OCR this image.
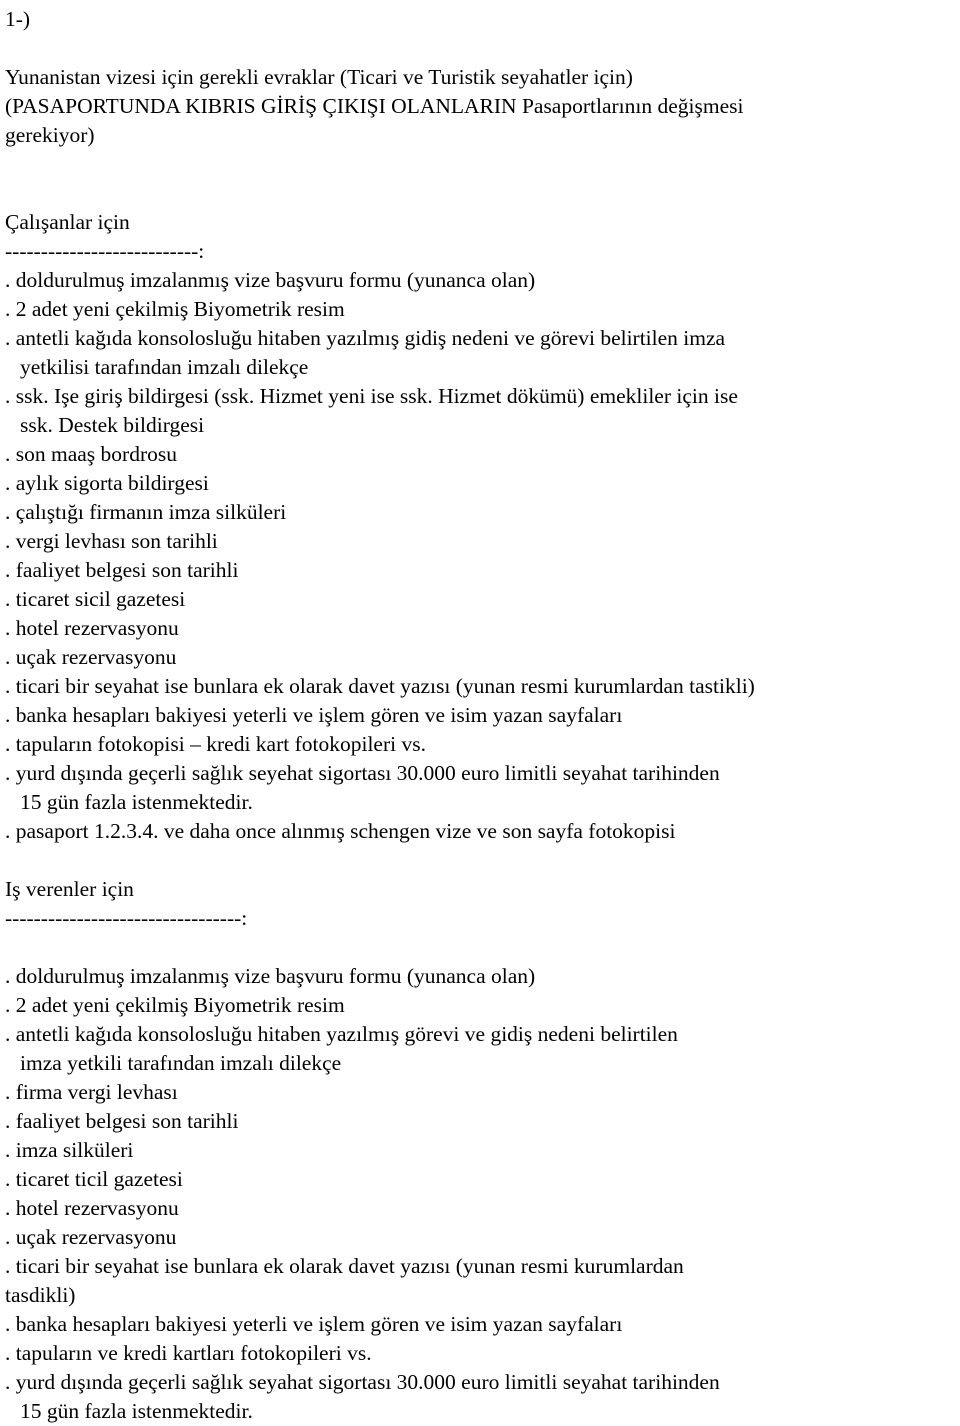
1-)
Yunanistan vizesi için gerekli evraklar (Ticari ve Turistik seyahatler için)
(PASAPORTUNDA KIBRIS GİRİŞ ÇIKIŞI OLANLARIN Pasaportlarının değişmesi
gerekiyor)
Çalışanlar için
---------------------------:
. doldurulmuş imzalanmış vize başvuru formu (yunanca olan)
. 2 adet yeni çekilmiş Biyometrik resim
. antetli kağıda konsolosluğu hitaben yazılmış gidiş nedeni ve görevi belirtilen imza
yetkilisi tarafından imzalı dilekçe
. ssk. Işe giriş bildirgesi (ssk. Hizmet yeni ise ssk. Hizmet dökümü) emekliler için ise
ssk. Destek bildirgesi
. son maaş bordrosu
. aylık sigorta bildirgesi
. çalıştığı firmanın imza silküleri
. vergi levhası son tarihli
. faaliyet belgesi son tarihli
. ticaret sicil gazetesi
. hotel rezervasyonu
. uçak rezervasyonu
. ticari bir seyahat ise bunlara ek olarak davet yazısı (yunan resmi kurumlardan tastikli)
. banka hesapları bakiyesi yeterli ve işlem gören ve isim yazan sayfaları
. tapuların fotokopisi – kredi kart fotokopileri vs.
. yurd dışında geçerli sağlık seyehat sigortası 30.000 euro limitli seyahat tarihinden
15 gün fazla istenmektedir.
. pasaport 1.2.3.4. ve daha once alınmış schengen vize ve son sayfa fotokopisi
Iş verenler için
---------------------------------:
. doldurulmuş imzalanmış vize başvuru formu (yunanca olan)
. 2 adet yeni çekilmiş Biyometrik resim
. antetli kağıda konsolosluğu hitaben yazılmış görevi ve gidiş nedeni belirtilen
imza yetkili tarafından imzalı dilekçe
. firma vergi levhası
. faaliyet belgesi son tarihli
. imza silküleri
. ticaret ticil gazetesi
. hotel rezervasyonu
. uçak rezervasyonu
. ticari bir seyahat ise bunlara ek olarak davet yazısı (yunan resmi kurumlardan
tasdikli)
. banka hesapları bakiyesi yeterli ve işlem gören ve isim yazan sayfaları
. tapuların ve kredi kartları fotokopileri vs.
. yurd dışında geçerli sağlık seyahat sigortası 30.000 euro limitli seyahat tarihinden
15 gün fazla istenmektedir.
